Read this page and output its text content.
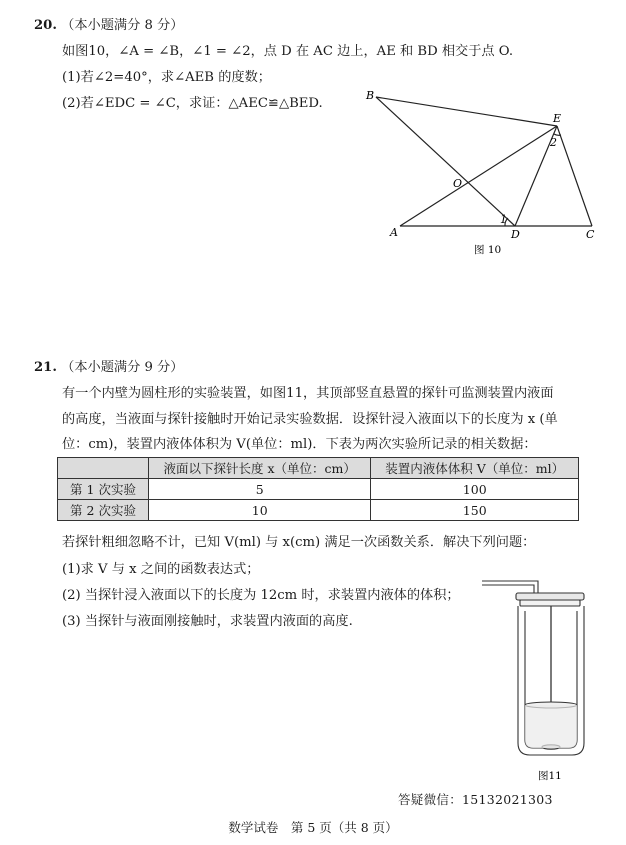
20. （本小题满分 8 分）
如图10，∠A = ∠B，∠1 = ∠2，点 D 在 AC 边上，AE 和 BD 相交于点 O.
(1)若∠2=40°，求∠AEB 的度数；
(2)若∠EDC = ∠C，求证：△AEC≌△BED.
B
E
2
O
A
1
D	C
图 10
21. （本小题满分 9 分）
有一个内壁为圆柱形的实验装置，如图11，其顶部竖直悬置的探针可监测装置内液面
的高度，当液面与探针接触时开始记录实验数据．设探针浸入液面以下的长度为 x (单
位：cm)，装置内液体体积为 V(单位：ml)．下表为两次实验所记录的相关数据：
	液面以下探针长度 x（单位：cm）	装置内液体体积 V（单位：ml）
第 1 次实验	5	100
第 2 次实验	10	150
若探针粗细忽略不计，已知 V(ml) 与 x(cm) 满足一次函数关系．解决下列问题：
(1)求 V 与 x 之间的函数表达式；
(2) 当探针浸入液面以下的长度为 12cm 时，求装置内液体的体积；
(3) 当探针与液面刚接触时，求装置内液面的高度.
图11
答疑微信：15132021303
数学试卷　第 5 页（共 8 页）
